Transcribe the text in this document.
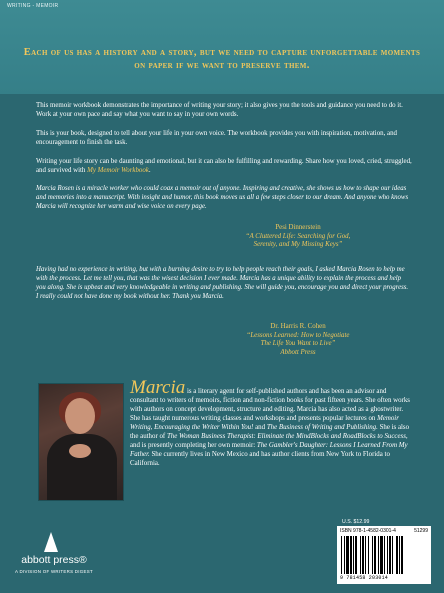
WRITING - MEMOIR
Each of us has a history and a story, but we need to capture unforgettable moments on paper if we want to preserve them.
This memoir workbook demonstrates the importance of writing your story; it also gives you the tools and guidance you need to do it. Work at your own pace and say what you want to say in your own words.
This is your book, designed to tell about your life in your own voice. The workbook provides you with inspiration, motivation, and encouragement to finish the task.
Writing your life story can be daunting and emotional, but it can also be fulfilling and rewarding. Share how you loved, cried, struggled, and survived with My Memoir Workbook.
Marcia Rosen is a miracle worker who could coax a memoir out of anyone. Inspiring and creative, she shows us how to shape our ideas and memories into a manuscript. With insight and humor, this book moves us all a few steps closer to our dream. And anyone who knows Marcia will recognize her warm and wise voice on every page.
Pesi Dinnerstein
“A Cluttered Life: Searching for God,
Serenity, and My Missing Keys”
Having had no experience in writing, but with a burning desire to try to help people reach their goals, I asked Marcia Rosen to help me with the process. Let me tell you, that was the wisest decision I ever made. Marcia has a unique ability to explain the process and help you along. She is upbeat and very knowledgeable in writing and publishing. She will guide you, encourage you and direct your progress. I really could not have done my book without her. Thank you Marcia.
Dr. Harris R. Cohen
“Lessons Learned: How to Negotiate
The Life You Want to Live”
Abbott Press
Marcia is a literary agent for self-published authors and has been an advisor and consultant to writers of memoirs, fiction and non-fiction books for past fifteen years. She often works with authors on concept development, structure and editing. Marcia has also acted as a ghostwriter. She has taught numerous writing classes and workshops and presents popular lectures on Memoir Writing, Encouraging the Writer Within You! and The Business of Writing and Publishing. She is also the author of The Woman Business Therapist: Eliminate the MindBlocks and RoadBlocks to Success, and is presently completing her own memoir: The Gambler's Daughter: Lessons I Learned From My Father. She currently lives in New Mexico and has author clients from New York to Florida to California.
abbott press®
A DIVISION OF WRITERS DIGEST
U.S. $12.99
ISBN 978-1-4582-0301-4	51299
9 781458 203014
